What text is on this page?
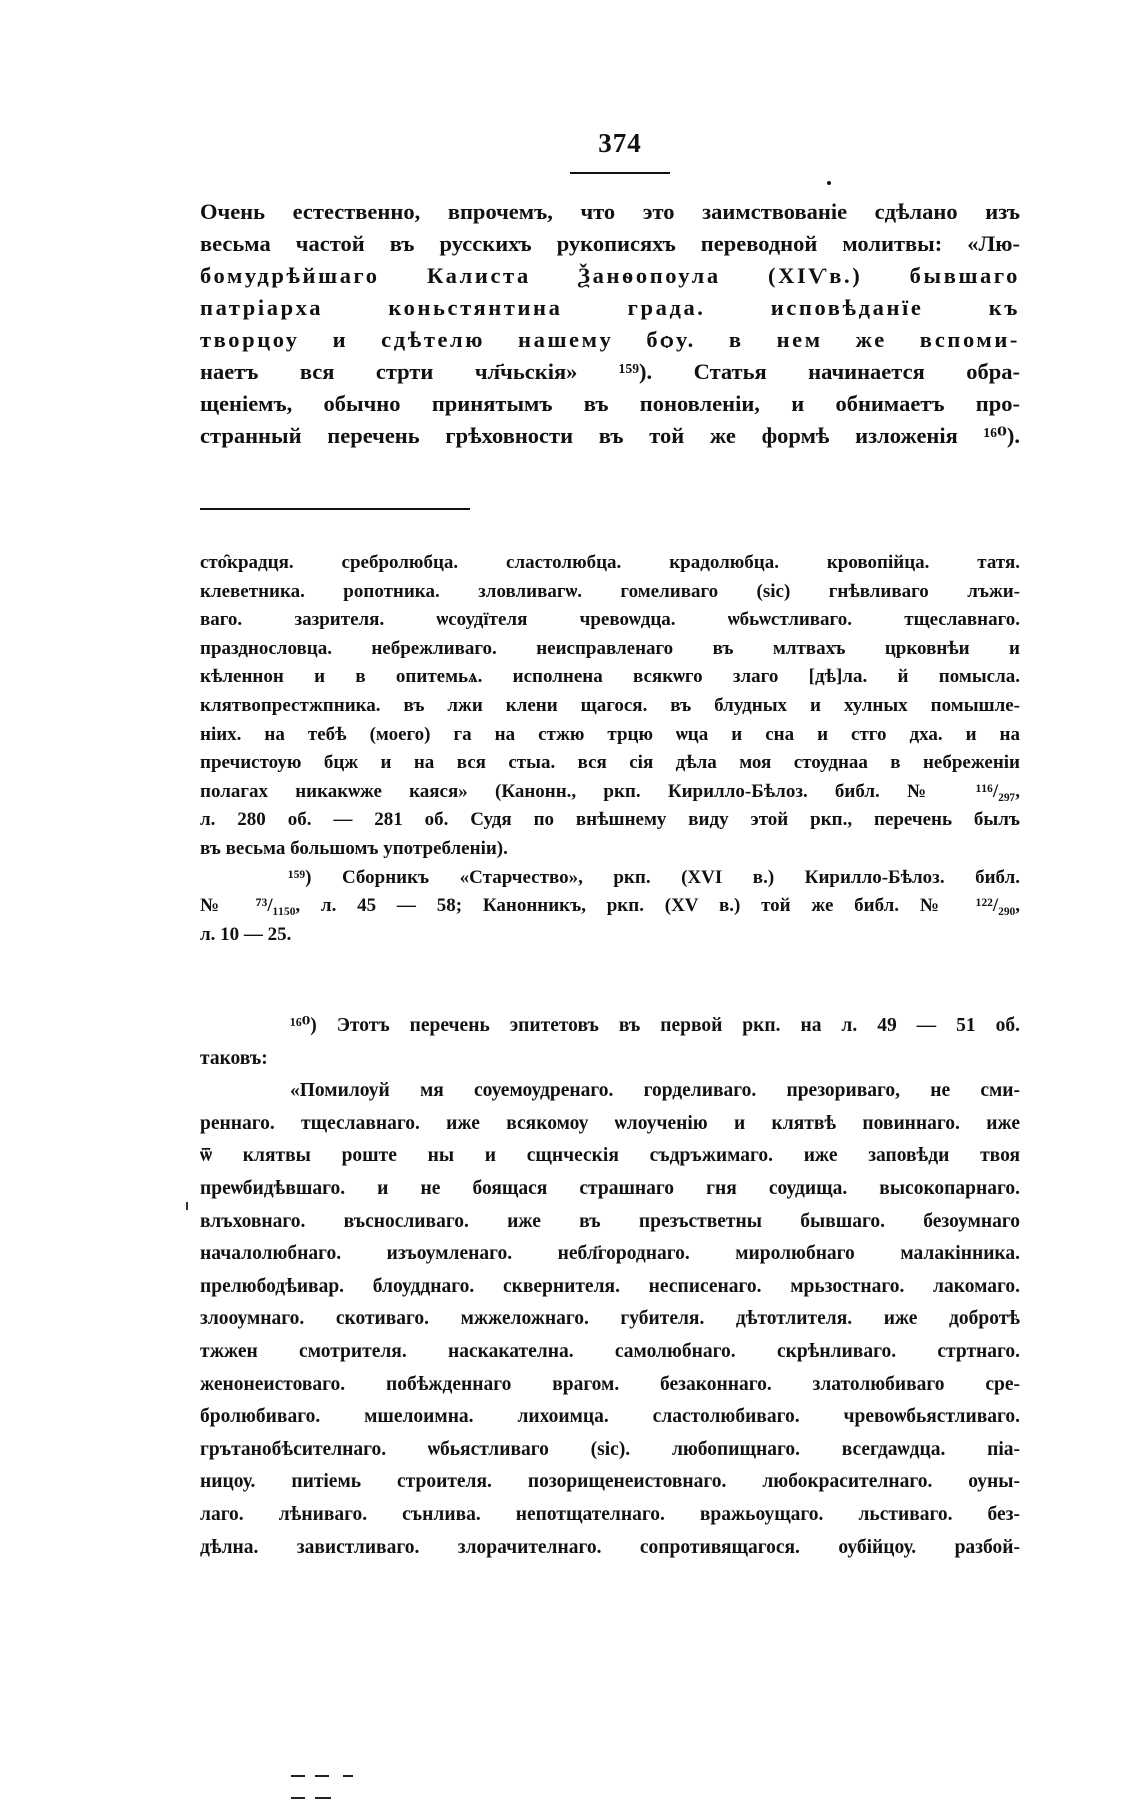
374
Очень естественно, впрочемъ, что это заимствованіе сдѣлано изъ
весьма частой въ русскихъ рукописяхъ переводной молитвы: «Лю-
бомудрѣйшаго Калиста Ѯанѳопоула (XIѴв.) бывшаго
патріарха коньстянтина града. исповѣданїе къ
творцоу и сдѣтелю нашему бѻу. в нем же вспоми-
наетъ вся стрти чл҃чьскія» ¹⁵⁹). Статья начинается обра-
щеніемъ, обычно принятымъ въ поновленіи, и обнимаетъ про-
странный перечень грѣховности въ той же формѣ изложенія ¹⁶⁰).
сто̑крадця. сребролюбца. сластолюбца. крадолюбца. кровопійца. татя.
клеветника. ропотника. зловливагѡ. гомеливаго (sic) гнѣвливаго лъжи-
ваго. зазрителя. ѡсоудїтеля чревоѡдца. ѡбьѡстливаго. тщеславнаго.
празднословца. небрежливаго. неисправленаго въ млтвахъ црковнѣи и
кѣленнон и в опитемьѧ. исполнена всякѡго злаго [дѣ]ла. й помысла.
клятвопрестжпника. въ лжи клени щагося. въ блудных и хулных помышле-
ніих. на тебѣ (моего) га на стжю трцю ѡца и сна и стго дха. и на
пречистоую бцж и на вся стыа. вся сія дѣла моя стоуднаа в небреженіи
полагах никакѡже каяся» (Канонн., ркп. Кирилло-Бѣлоз. библ. № ¹¹⁶/₂₉₇,
л. 280 об. — 281 об. Судя по внѣшнему виду этой ркп., перечень былъ
въ весьма большомъ употребленіи).
¹⁵⁹) Сборникъ «Старчество», ркп. (XVI в.) Кирилло-Бѣлоз. библ.
№ ⁷³/₁₁₅₀, л. 45 — 58; Канонникъ, ркп. (XV в.) той же библ. № ¹²²/₂₉₀,
л. 10 — 25.
¹⁶⁰) Этотъ перечень эпитетовъ въ первой ркп. на л. 49 — 51 об.
таковъ:
«Помилоуй мя соуемоудренаго. горделиваго. презориваго, не сми-
реннаго. тщеславнаго. иже всякомоу ѡлоученію и клятвѣ повиннаго. иже
ѿ клятвы роште ны и сщнческія съдръжимаго. иже заповѣди твоя
преѡбидѣвшаго. и не боящася страшнаго гня соудища. высокопарнаго.
влъховнаго. въсносливаго. иже въ презъстветны бывшаго. безоумнаго
началолюбнаго. изъоумленаго. небл҃городнаго. миролюбнаго малакінника.
прелюбодѣивар. блоудднаго. сквернителя. несписенаго. мрьзостнаго. лакомаго.
злооумнаго. скотиваго. мжжеложнаго. губителя. дѣтотлителя. иже добротѣ
тжжен смотрителя. наскакателна. самолюбнаго. скрѣнливаго. стртнаго.
женонеистоваго. побѣжденнаго врагом. безаконнаго. златолюбиваго сре-
бролюбиваго. мшелоимна. лихоимца. сластолюбиваго. чревоѡбьястливаго.
грътанобѣсителнаго. ѡбьястливаго (sic). любопищнаго. всегдаѡдца. піа-
ницоу. питіемь строителя. позорищенеистовнаго. любокрасителнаго. оуны-
лаго. лѣниваго. сънлива. непотщателнаго. вражьоущаго. льстиваго. без-
дѣлна. завистливаго. злорачителнаго. сопротивящагося. оубійцоу. разбой-
